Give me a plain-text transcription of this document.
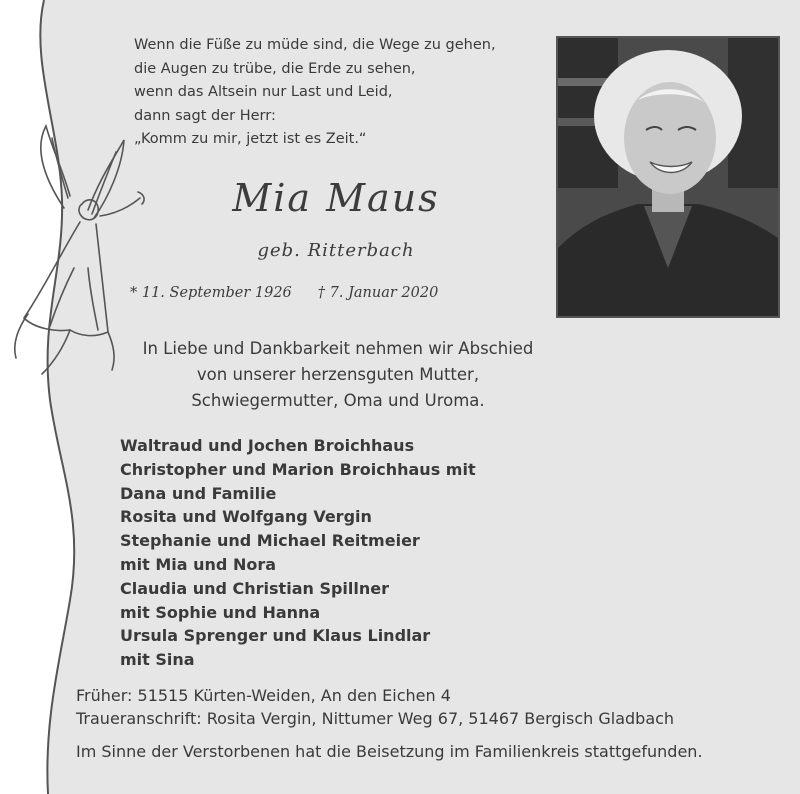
Wenn die Füße zu müde sind, die Wege zu gehen,
die Augen zu trübe, die Erde zu sehen,
wenn das Altsein nur Last und Leid,
dann sagt der Herr:
„Komm zu mir, jetzt ist es Zeit.“
Mia Maus
geb. Ritterbach
* 11. September 1926 † 7. Januar 2020
In Liebe und Dankbarkeit nehmen wir Abschied
von unserer herzensguten Mutter,
Schwiegermutter, Oma und Uroma.
Waltraud und Jochen Broichhaus
Christopher und Marion Broichhaus mit
Dana und Familie
Rosita und Wolfgang Vergin
Stephanie und Michael Reitmeier
mit Mia und Nora
Claudia und Christian Spillner
mit Sophie und Hanna
Ursula Sprenger und Klaus Lindlar
mit Sina
Früher: 51515 Kürten-Weiden, An den Eichen 4
Traueranschrift: Rosita Vergin, Nittumer Weg 67, 51467 Bergisch Gladbach
Im Sinne der Verstorbenen hat die Beisetzung im Familienkreis stattgefunden.
